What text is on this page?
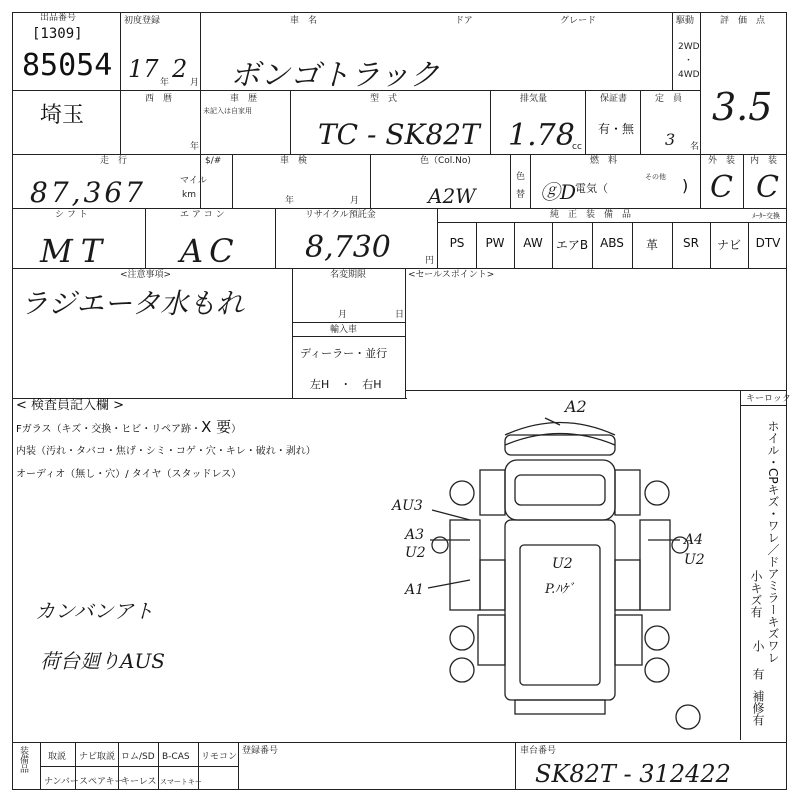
出品番号
[1309]
85054
初度登録
17 年 2 月
車　名
ボンゴトラック
ドア	グレード	駆動
2WD
・
4WD
評　価　点
3.5
埼玉
西　暦	車　歴
未記入は自家用
年
型　式
TC - SK82T
排気量
1.78
cc
保証書
有・無
定　員
3 名
走　行
87,367	マイル
km
$/#	車　検
年	月
色（Col.No)
A2W
色
替
燃　料
ⓖD
電気（
その他 )
外　装
C
内　装
C
シ フ ト
MT
エ ア コ ン
AC
リサイクル預託金
8,730	円
純　正　装　備　品	ﾒｰﾀｰ交換
PS	PW	AW	エアB ABS	革	SR	ナビ	DTV
<注意事項>
ラジエータ水もれ
名変期限
月	日
輸入車
ディーラー・並行
左H　・　右H
<セールスポイント>
< 検査員記入欄 >
Fガラス（キズ・交換・ヒビ・リペア跡・X 要）
内装（汚れ・タバコ・焦げ・シミ・コゲ・穴・キレ・破れ・剥れ）
オーディオ（無し・穴）/ タイヤ（スタッドレス）
カンバンアト
荷台廻りAUS
キーロック
ホイル・CPキズ・ワレ／ドアミラーキズワレ
小キズ有
小
有
補修有
A2
AU3
A3
U2
A1
U2
P.ﾊｹﾞ
A4
U2
装備品 取説 ナビ取説 ロム/SD B-CAS リモコン
ナンバー スペアキー
キーレス スマートキー
登録番号	車台番号
SK82T - 312422
